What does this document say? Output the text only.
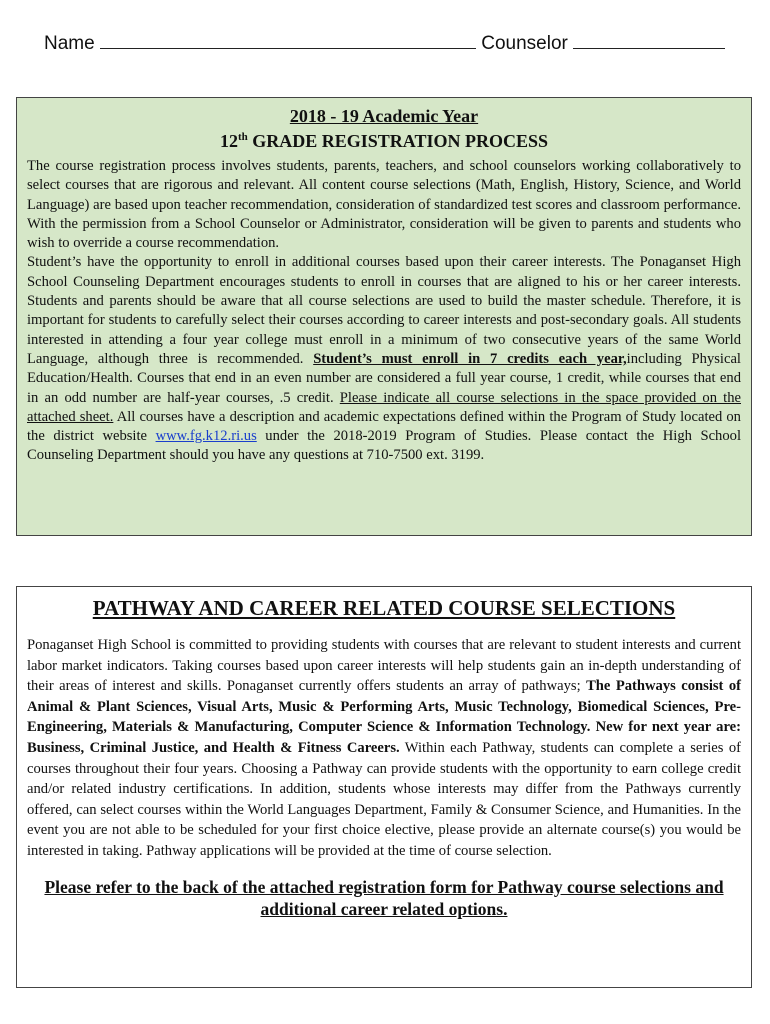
Name	Counselor
2018 - 19 Academic Year
12th GRADE REGISTRATION PROCESS

The course registration process involves students, parents, teachers, and school counselors working collaboratively to select courses that are rigorous and relevant. All content course selections (Math, English, History, Science, and World Language) are based upon teacher recommendation, consideration of standardized test scores and classroom performance. With the permission from a School Counselor or Administrator, consideration will be given to parents and students who wish to override a course recommendation.

Student’s have the opportunity to enroll in additional courses based upon their career interests. The Ponaganset High School Counseling Department encourages students to enroll in courses that are aligned to his or her career interests. Students and parents should be aware that all course selections are used to build the master schedule. Therefore, it is important for students to carefully select their courses according to career interests and post-secondary goals. All students interested in attending a four year college must enroll in a minimum of two consecutive years of the same World Language, although three is recommended. Student’s must enroll in 7 credits each year,including Physical Education/Health. Courses that end in an even number are considered a full year course, 1 credit, while courses that end in an odd number are half-year courses, .5 credit. Please indicate all course selections in the space provided on the attached sheet. All courses have a description and academic expectations defined within the Program of Study located on the district website www.fg.k12.ri.us under the 2018-2019 Program of Studies. Please contact the High School Counseling Department should you have any questions at 710-7500 ext. 3199.

PATHWAY AND CAREER RELATED COURSE SELECTIONS

Ponaganset High School is committed to providing students with courses that are relevant to student interests and current labor market indicators. Taking courses based upon career interests will help students gain an in-depth understanding of their areas of interest and skills. Ponaganset currently offers students an array of pathways; The Pathways consist of Animal & Plant Sciences, Visual Arts, Music & Performing Arts, Music Technology, Biomedical Sciences, Pre-Engineering, Materials & Manufacturing, Computer Science & Information Technology. New for next year are: Business, Criminal Justice, and Health & Fitness Careers. Within each Pathway, students can complete a series of courses throughout their four years. Choosing a Pathway can provide students with the opportunity to earn college credit and/or related industry certifications. In addition, students whose interests may differ from the Pathways currently offered, can select courses within the World Languages Department, Family & Consumer Science, and Humanities. In the event you are not able to be scheduled for your first choice elective, please provide an alternate course(s) you would be interested in taking. Pathway applications will be provided at the time of course selection.

Please refer to the back of the attached registration form for Pathway course selections and additional career related options.
